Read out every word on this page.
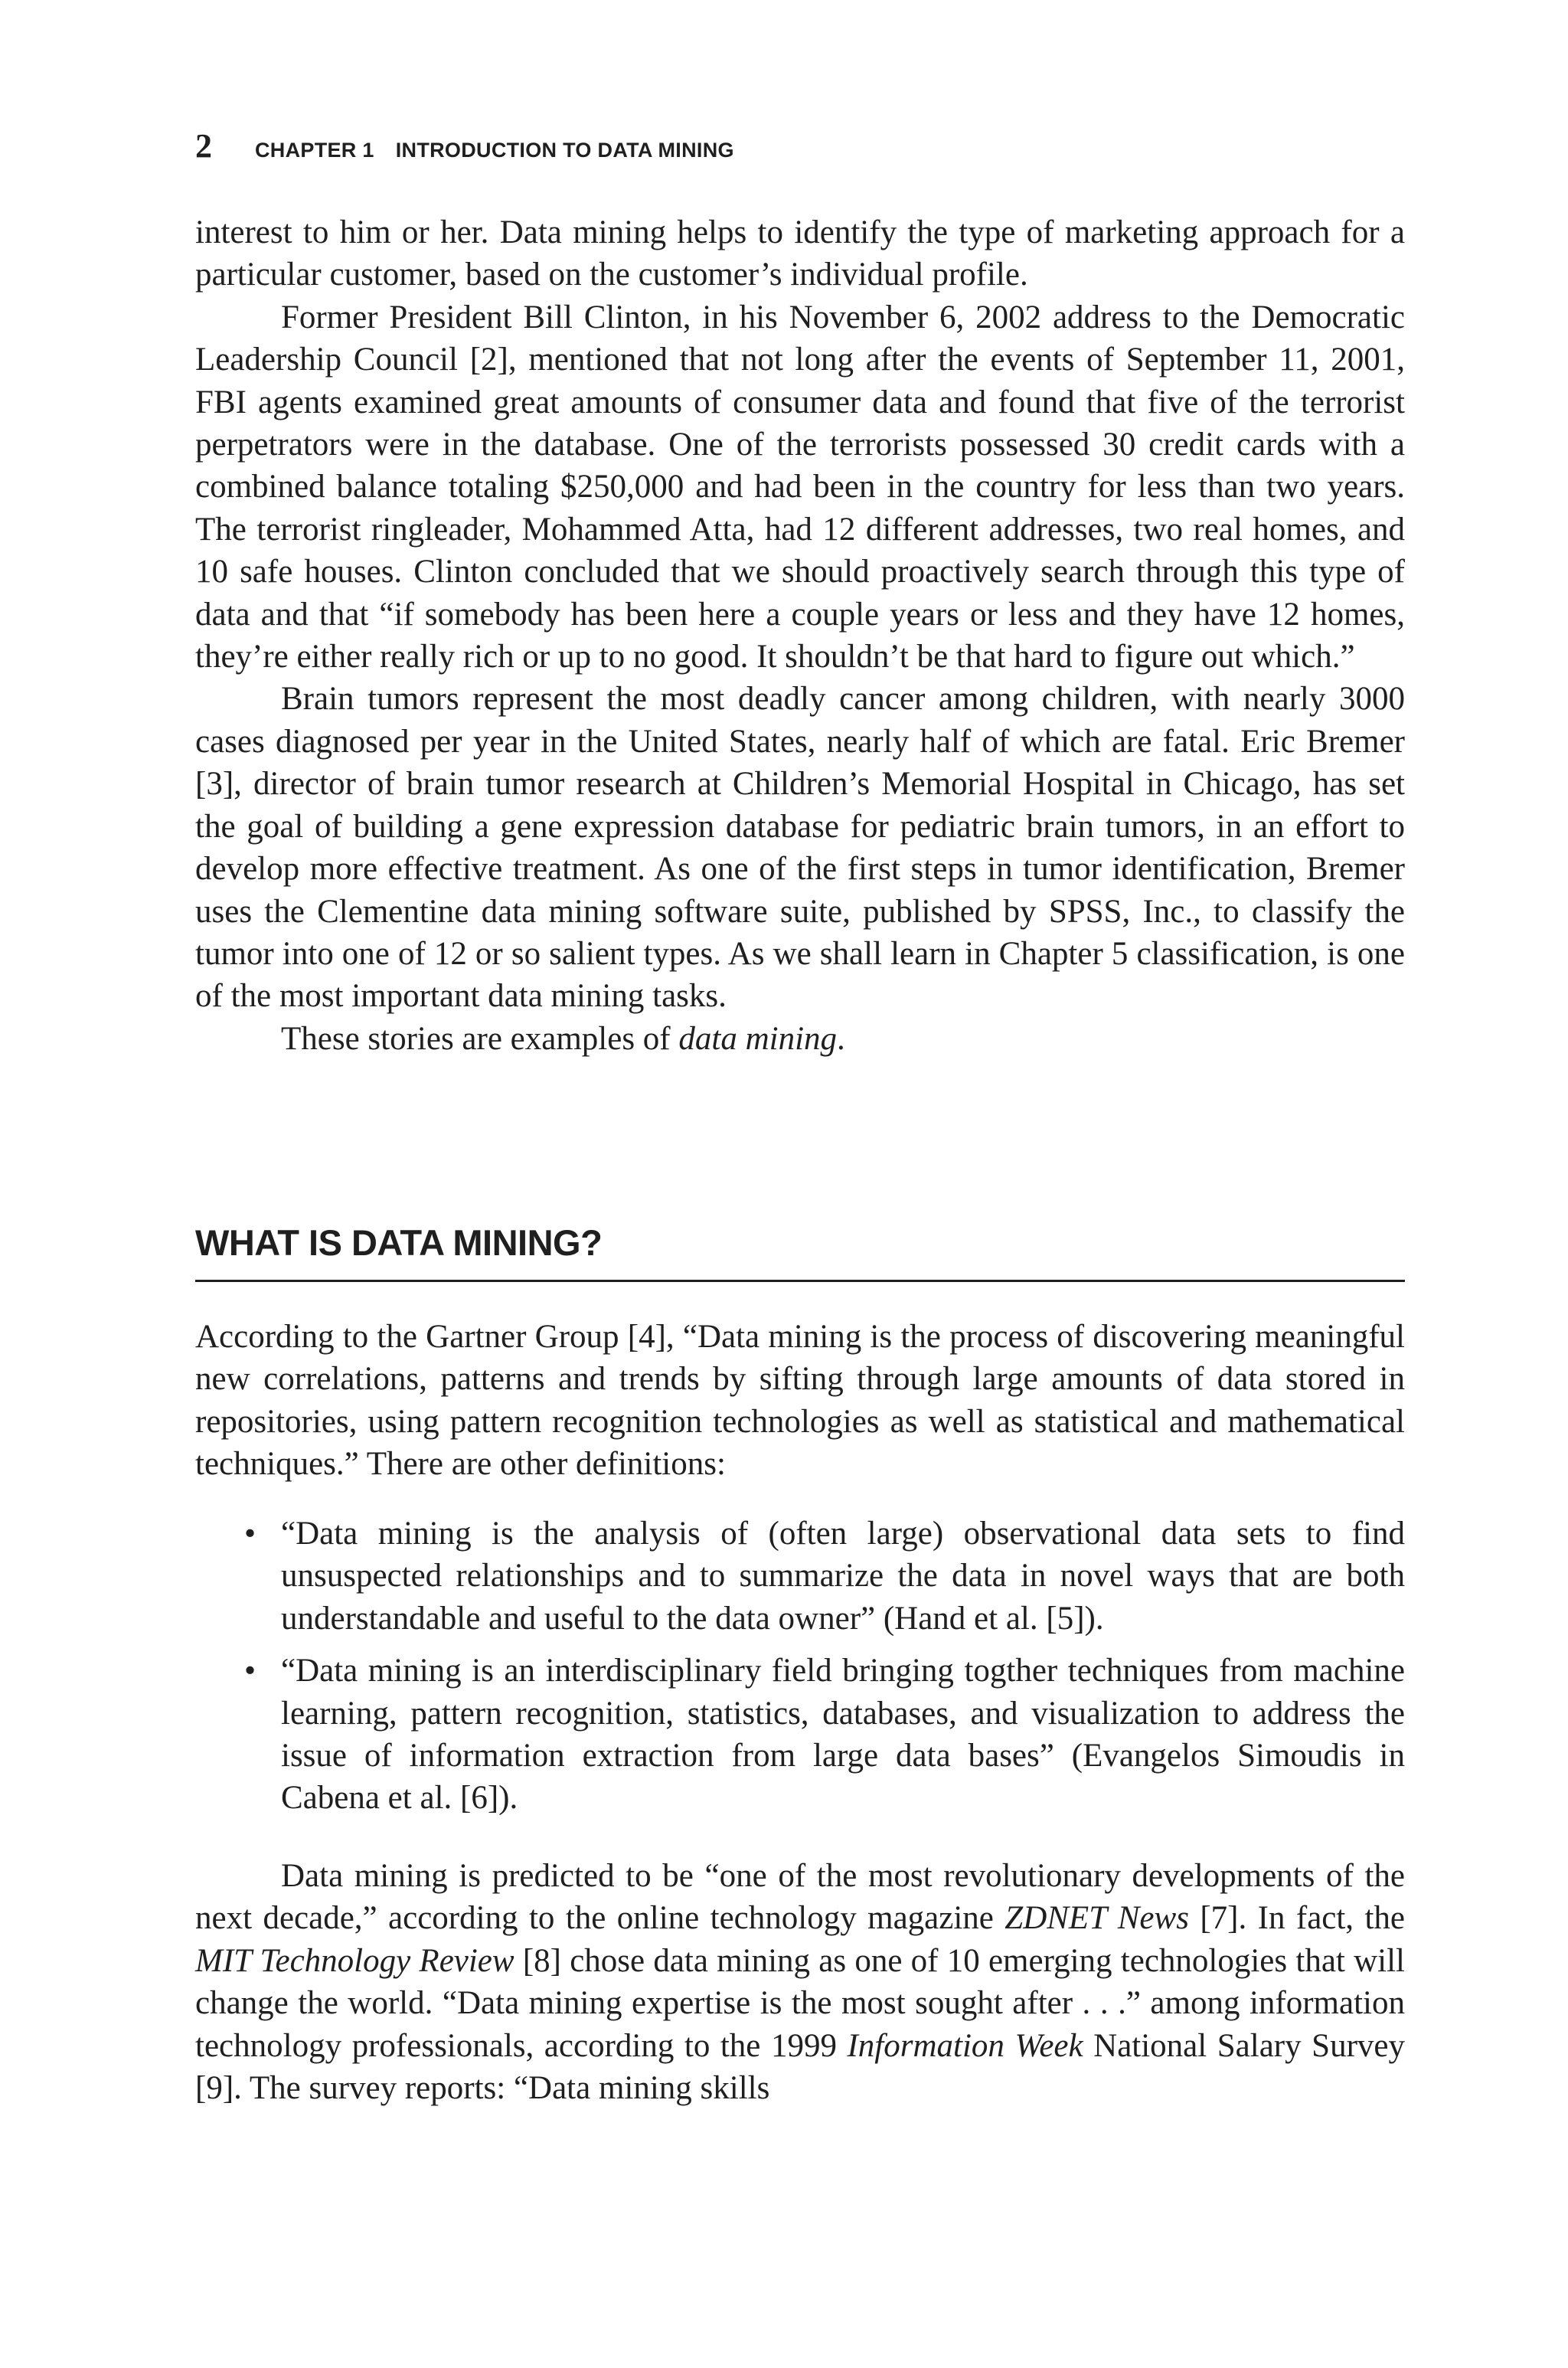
2	CHAPTER 1 INTRODUCTION TO DATA MINING

interest to him or her. Data mining helps to identify the type of marketing approach for a particular customer, based on the customer’s individual profile.

Former President Bill Clinton, in his November 6, 2002 address to the Democratic Leadership Council [2], mentioned that not long after the events of September 11, 2001, FBI agents examined great amounts of consumer data and found that five of the terrorist perpetrators were in the database. One of the terrorists possessed 30 credit cards with a combined balance totaling $250,000 and had been in the country for less than two years. The terrorist ringleader, Mohammed Atta, had 12 different addresses, two real homes, and 10 safe houses. Clinton concluded that we should proactively search through this type of data and that “if somebody has been here a couple years or less and they have 12 homes, they’re either really rich or up to no good. It shouldn’t be that hard to figure out which.”

Brain tumors represent the most deadly cancer among children, with nearly 3000 cases diagnosed per year in the United States, nearly half of which are fatal. Eric Bremer [3], director of brain tumor research at Children’s Memorial Hospital in Chicago, has set the goal of building a gene expression database for pediatric brain tumors, in an effort to develop more effective treatment. As one of the first steps in tumor identification, Bremer uses the Clementine data mining software suite, published by SPSS, Inc., to classify the tumor into one of 12 or so salient types. As we shall learn in Chapter 5 classification, is one of the most important data mining tasks.

These stories are examples of data mining.

WHAT IS DATA MINING?

According to the Gartner Group [4], “Data mining is the process of discovering meaningful new correlations, patterns and trends by sifting through large amounts of data stored in repositories, using pattern recognition technologies as well as statistical and mathematical techniques.” There are other definitions:

• “Data mining is the analysis of (often large) observational data sets to find unsuspected relationships and to summarize the data in novel ways that are both understandable and useful to the data owner” (Hand et al. [5]).
• “Data mining is an interdisciplinary field bringing togther techniques from machine learning, pattern recognition, statistics, databases, and visualization to address the issue of information extraction from large data bases” (Evangelos Simoudis in Cabena et al. [6]).

Data mining is predicted to be “one of the most revolutionary developments of the next decade,” according to the online technology magazine ZDNET News [7]. In fact, the MIT Technology Review [8] chose data mining as one of 10 emerging technologies that will change the world. “Data mining expertise is the most sought after . . .” among information technology professionals, according to the 1999 Information Week National Salary Survey [9]. The survey reports: “Data mining skills
